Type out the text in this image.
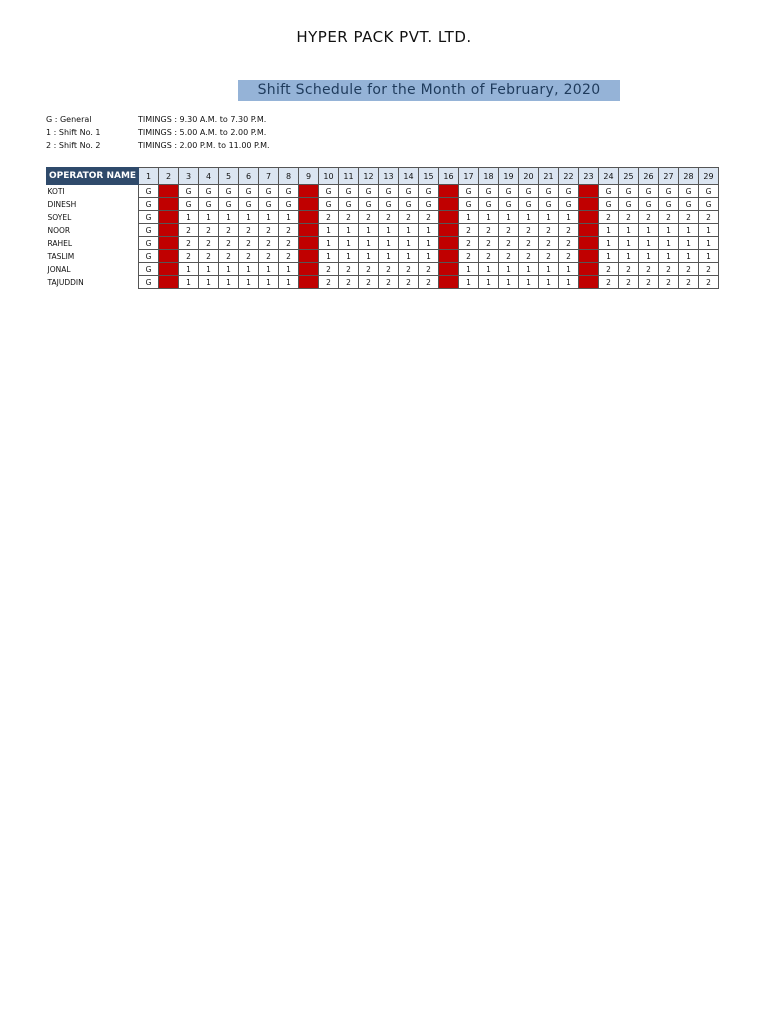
HYPER PACK PVT. LTD.
Shift Schedule for the Month of February, 2020
G : General	TIMINGS : 9.30 A.M. to 7.30 P.M.
1 : Shift No. 1	TIMINGS : 5.00 A.M. to 2.00 P.M.
2 : Shift No. 2	TIMINGS : 2.00 P.M. to 11.00 P.M.
OPERATOR NAME	1	2	3	4	5	6	7	8	9	10	11	12	13	14	15	16	17	18	19	20	21	22	23	24	25	26	27	28	29
KOTI	G		G	G	G	G	G	G		G	G	G	G	G	G		G	G	G	G	G	G		G	G	G	G	G	G
DINESH	G		G	G	G	G	G	G		G	G	G	G	G	G		G	G	G	G	G	G		G	G	G	G	G	G
SOYEL	G		1	1	1	1	1	1		2	2	2	2	2	2		1	1	1	1	1	1		2	2	2	2	2	2
NOOR	G		2	2	2	2	2	2		1	1	1	1	1	1		2	2	2	2	2	2		1	1	1	1	1	1
RAHEL	G		2	2	2	2	2	2		1	1	1	1	1	1		2	2	2	2	2	2		1	1	1	1	1	1
TASLIM	G		2	2	2	2	2	2		1	1	1	1	1	1		2	2	2	2	2	2		1	1	1	1	1	1
JONAL	G		1	1	1	1	1	1		2	2	2	2	2	2		1	1	1	1	1	1		2	2	2	2	2	2
TAJUDDIN	G		1	1	1	1	1	1		2	2	2	2	2	2		1	1	1	1	1	1		2	2	2	2	2	2
